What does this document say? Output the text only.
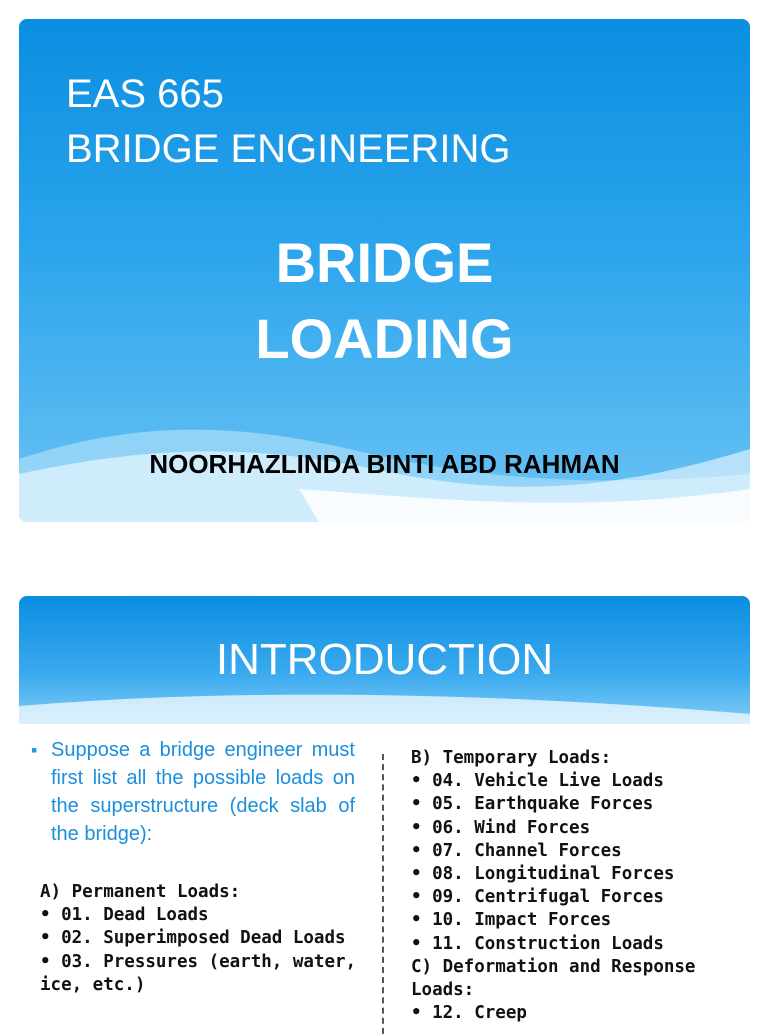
EAS 665
BRIDGE ENGINEERING
BRIDGE
LOADING
NOORHAZLINDA BINTI ABD RAHMAN
INTRODUCTION
▪ Suppose a bridge engineer must first list all the possible loads on the superstructure (deck slab of the bridge):
A) Permanent Loads:
• 01. Dead Loads
• 02. Superimposed Dead Loads
• 03. Pressures (earth, water, ice, etc.)
B) Temporary Loads:
• 04. Vehicle Live Loads
• 05. Earthquake Forces
• 06. Wind Forces
• 07. Channel Forces
• 08. Longitudinal Forces
• 09. Centrifugal Forces
• 10. Impact Forces
• 11. Construction Loads
C) Deformation and Response Loads:
• 12. Creep
